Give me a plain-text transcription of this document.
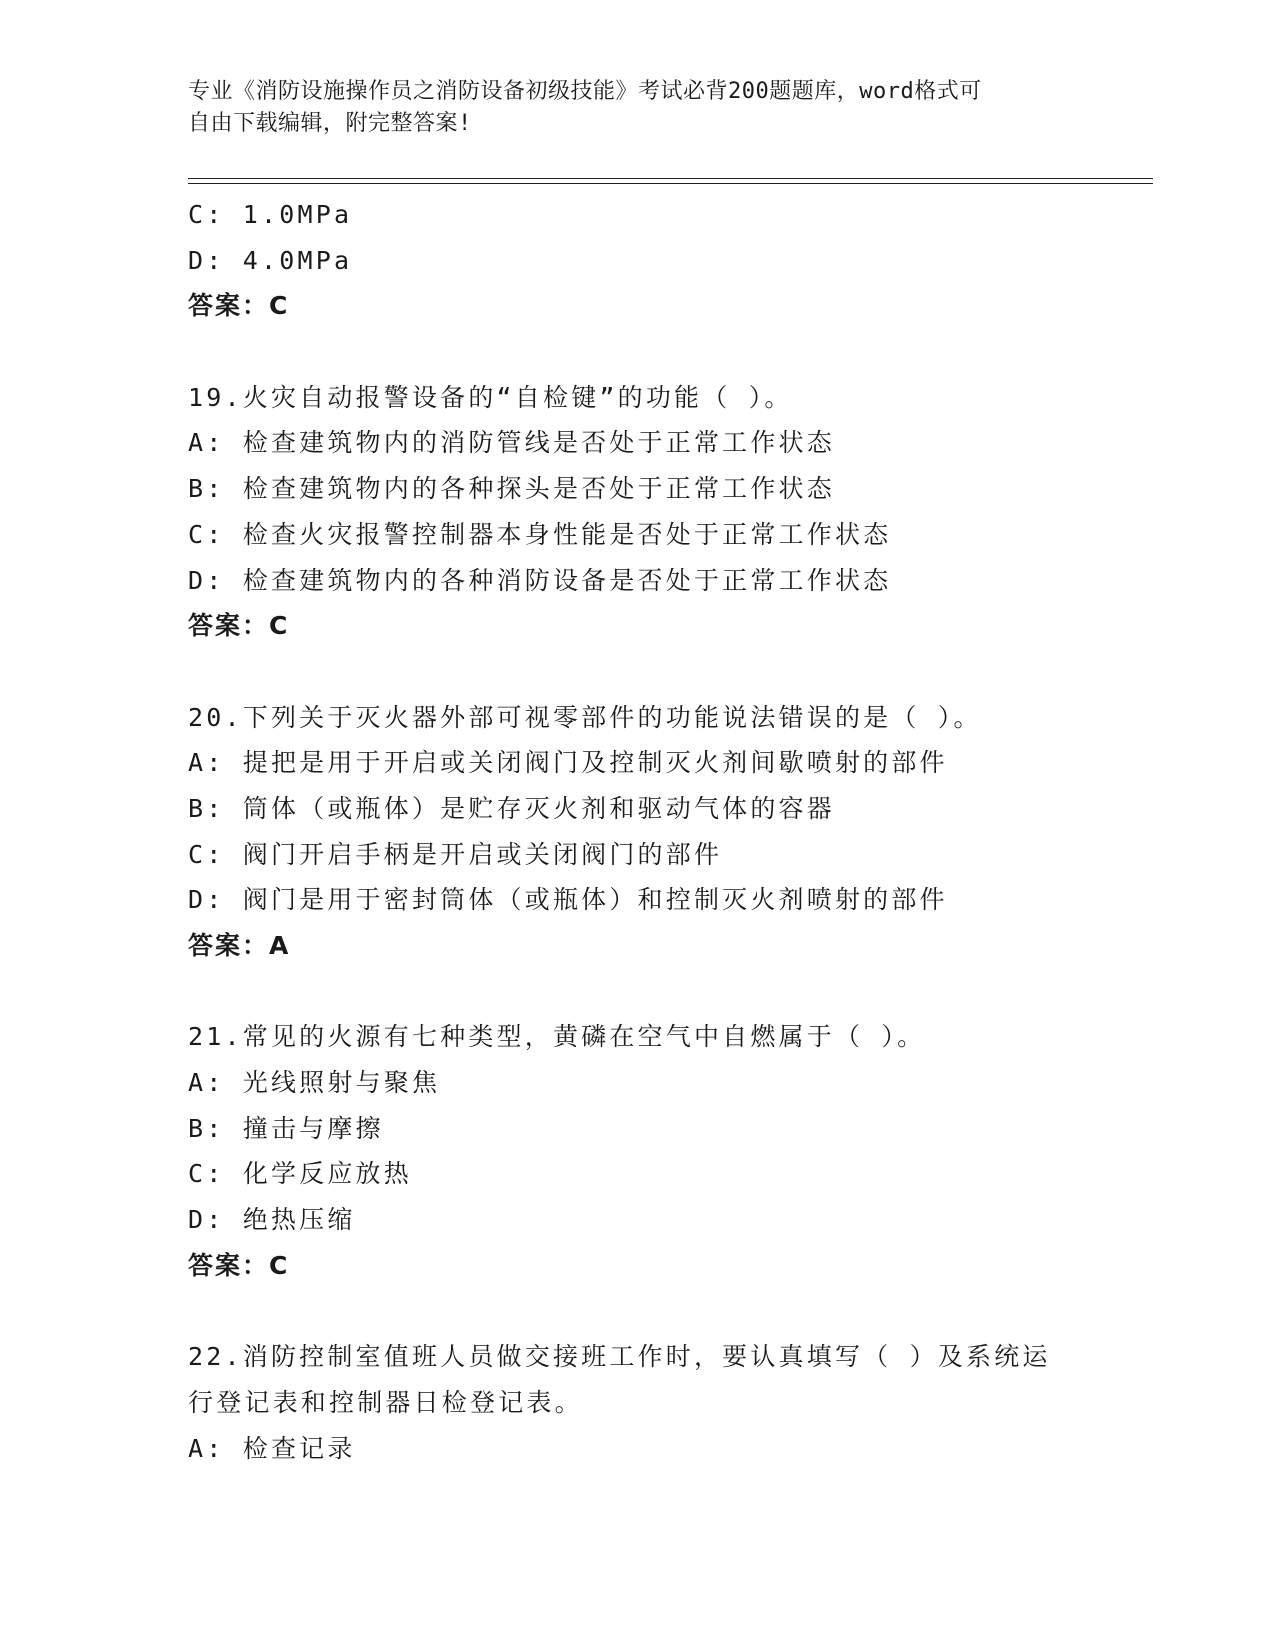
专业《消防设施操作员之消防设备初级技能》考试必背200题题库，word格式可
自由下载编辑，附完整答案!
C: 1.0MPa
D: 4.0MPa
答案：C
19.火灾自动报警设备的“自检键”的功能（ ）。
A: 检查建筑物内的消防管线是否处于正常工作状态
B: 检查建筑物内的各种探头是否处于正常工作状态
C: 检查火灾报警控制器本身性能是否处于正常工作状态
D: 检查建筑物内的各种消防设备是否处于正常工作状态
答案：C
20.下列关于灭火器外部可视零部件的功能说法错误的是（ ）。
A: 提把是用于开启或关闭阀门及控制灭火剂间歇喷射的部件
B: 筒体（或瓶体）是贮存灭火剂和驱动气体的容器
C: 阀门开启手柄是开启或关闭阀门的部件
D: 阀门是用于密封筒体（或瓶体）和控制灭火剂喷射的部件
答案：A
21.常见的火源有七种类型，黄磷在空气中自燃属于（ ）。
A: 光线照射与聚焦
B: 撞击与摩擦
C: 化学反应放热
D: 绝热压缩
答案：C
22.消防控制室值班人员做交接班工作时，要认真填写（ ）及系统运
行登记表和控制器日检登记表。
A: 检查记录
